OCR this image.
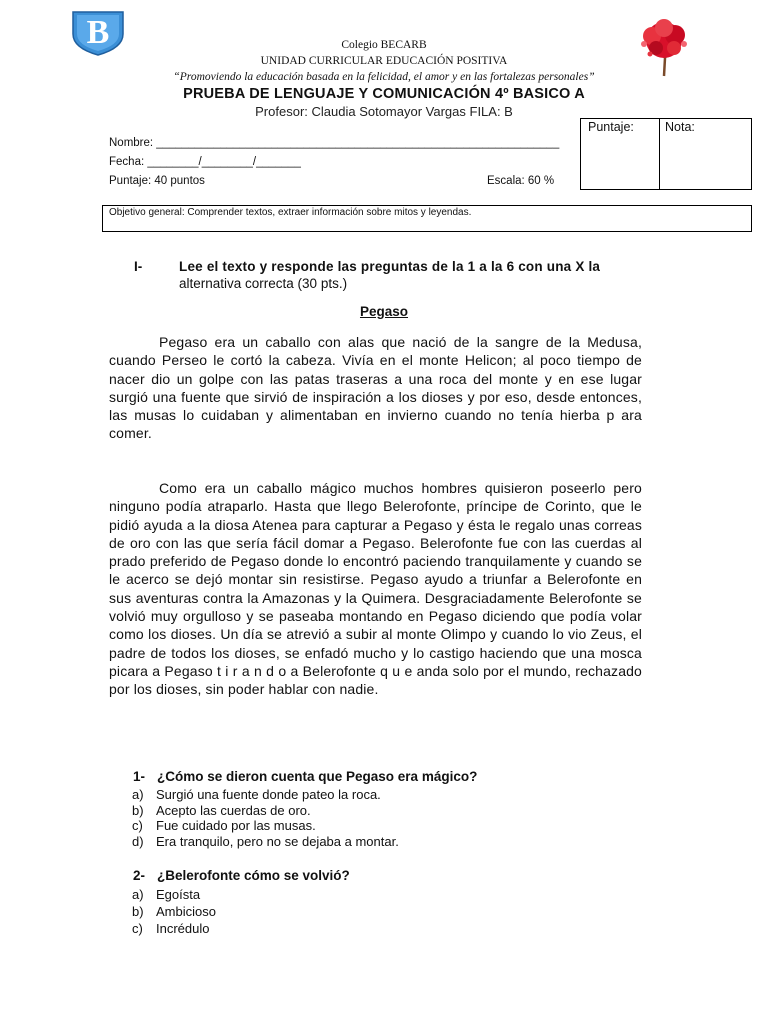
B	Colegio BECARB
UNIDAD CURRICULAR EDUCACIÓN POSITIVA
“Promoviendo la educación basada en la felicidad, el amor y en las fortalezas personales”
PRUEBA DE LENGUAJE Y COMUNICACIÓN 4º BASICO A
Profesor: Claudia Sotomayor Vargas FILA: B
Nombre: _______________________________________________________________
Fecha: ________/________/_______
Puntaje: 40 puntos	Escala: 60 %
Puntaje: Nota:
Objetivo general: Comprender textos, extraer información sobre mitos y leyendas.
I-	Lee el texto y responde las preguntas de la 1 a la 6 con una X la
alternativa correcta (30 pts.)
Pegaso

Pegaso era un caballo con alas que nació de la sangre de la Medusa, cuando Perseo le cortó la cabeza. Vivía en el monte Helicon; al poco tiempo de nacer dio un golpe con las patas traseras a una roca del monte y en ese lugar surgió una fuente que sirvió de inspiración a los dioses y por eso, desde entonces, las musas lo cuidaban y alimentaban en invierno cuando no tenía hierba p ara comer.

Como era un caballo mágico muchos hombres quisieron poseerlo pero ninguno podía atraparlo. Hasta que llego Belerofonte, príncipe de Corinto, que le pidió ayuda a la diosa Atenea para capturar a Pegaso y ésta le regalo unas correas de oro con las que sería fácil domar a Pegaso. Belerofonte fue con las cuerdas al prado preferido de Pegaso donde lo encontró paciendo tranquilamente y cuando se le acerco se dejó montar sin resistirse. Pegaso ayudo a triunfar a Belerofonte en sus aventuras contra la Amazonas y la Quimera. Desgraciadamente Belerofonte se volvió muy orgulloso y se paseaba montando en Pegaso diciendo que podía volar como los dioses. Un día se atrevió a subir al monte Olimpo y cuando lo vio Zeus, el padre de todos los dioses, se enfadó mucho y lo castigo haciendo que una mosca picara a Pegaso t i r a n d o a Belerofonte q u e anda solo por el mundo, rechazado por los dioses, sin poder hablar con nadie.

1- ¿Cómo se dieron cuenta que Pegaso era mágico?
a) Surgió una fuente donde pateo la roca.
b) Acepto las cuerdas de oro.
c) Fue cuidado por las musas.
d) Era tranquilo, pero no se dejaba a montar.
2- ¿Belerofonte cómo se volvió?
a) Egoísta
b) Ambicioso
c) Incrédulo
